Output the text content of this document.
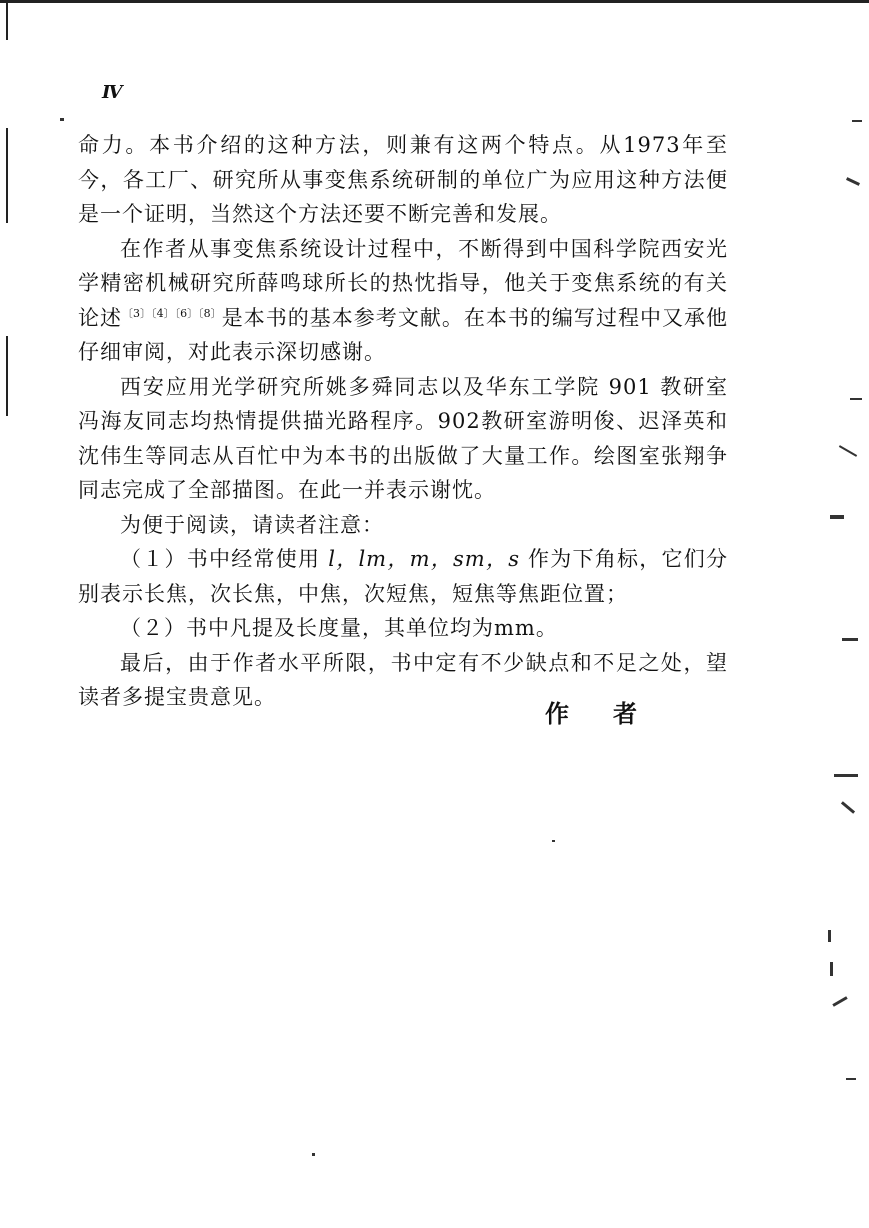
Ⅳ

命力。本书介绍的这种方法，则兼有这两个特点。从1973年至今，各工厂、研究所从事变焦系统研制的单位广为应用这种方法便是一个证明，当然这个方法还要不断完善和发展。

在作者从事变焦系统设计过程中，不断得到中国科学院西安光学精密机械研究所薛鸣球所长的热忱指导，他关于变焦系统的有关论述$^{〔3〕〔4〕〔6〕〔8〕}$是本书的基本参考文献。在本书的编写过程中又承他仔细审阅，对此表示深切感谢。

西安应用光学研究所姚多舜同志以及华东工学院 901 教研室冯海友同志均热情提供描光路程序。902教研室游明俊、迟泽英和沈伟生等同志从百忙中为本书的出版做了大量工作。绘图室张翔争同志完成了全部描图。在此一并表示谢忱。

为便于阅读，请读者注意：

（１）书中经常使用 l，lm，m，sm，s 作为下角标，它们分别表示长焦，次长焦，中焦，次短焦，短焦等焦距位置；

（２）书中凡提及长度量，其单位均为mm。

最后，由于作者水平所限，书中定有不少缺点和不足之处，望读者多提宝贵意见。

作者
